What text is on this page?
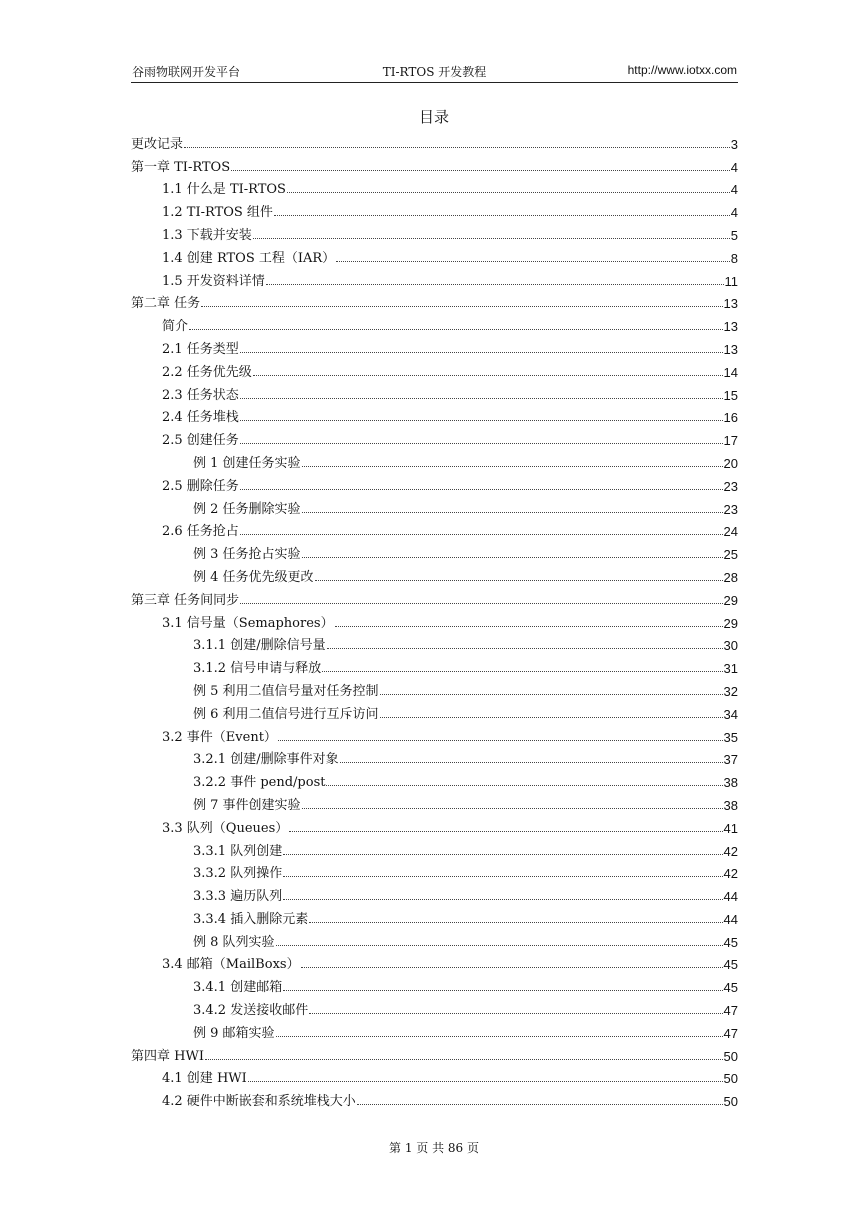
谷雨物联网开发平台	TI-RTOS 开发教程	http://www.iotxx.com
目录
更改记录	3
第一章 TI-RTOS	4
1.1 什么是 TI-RTOS	4
1.2 TI-RTOS 组件	4
1.3 下载并安装	5
1.4 创建 RTOS 工程（IAR）	8
1.5 开发资料详情	11
第二章 任务	13
简介	13
2.1 任务类型	13
2.2 任务优先级	14
2.3 任务状态	15
2.4 任务堆栈	16
2.5 创建任务	17
例 1 创建任务实验	20
2.5 删除任务	23
例 2 任务删除实验	23
2.6 任务抢占	24
例 3 任务抢占实验	25
例 4 任务优先级更改	28
第三章 任务间同步	29
3.1 信号量（Semaphores）	29
3.1.1 创建/删除信号量	30
3.1.2 信号申请与释放	31
例 5 利用二值信号量对任务控制	32
例 6 利用二值信号进行互斥访问	34
3.2 事件（Event）	35
3.2.1 创建/删除事件对象	37
3.2.2 事件 pend/post	38
例 7 事件创建实验	38
3.3 队列（Queues）	41
3.3.1 队列创建	42
3.3.2 队列操作	42
3.3.3 遍历队列	44
3.3.4 插入删除元素	44
例 8 队列实验	45
3.4 邮箱（MailBoxs）	45
3.4.1 创建邮箱	45
3.4.2 发送接收邮件	47
例 9 邮箱实验	47
第四章 HWI	50
4.1 创建 HWI	50
4.2 硬件中断嵌套和系统堆栈大小	50
第 1 页 共 86 页
